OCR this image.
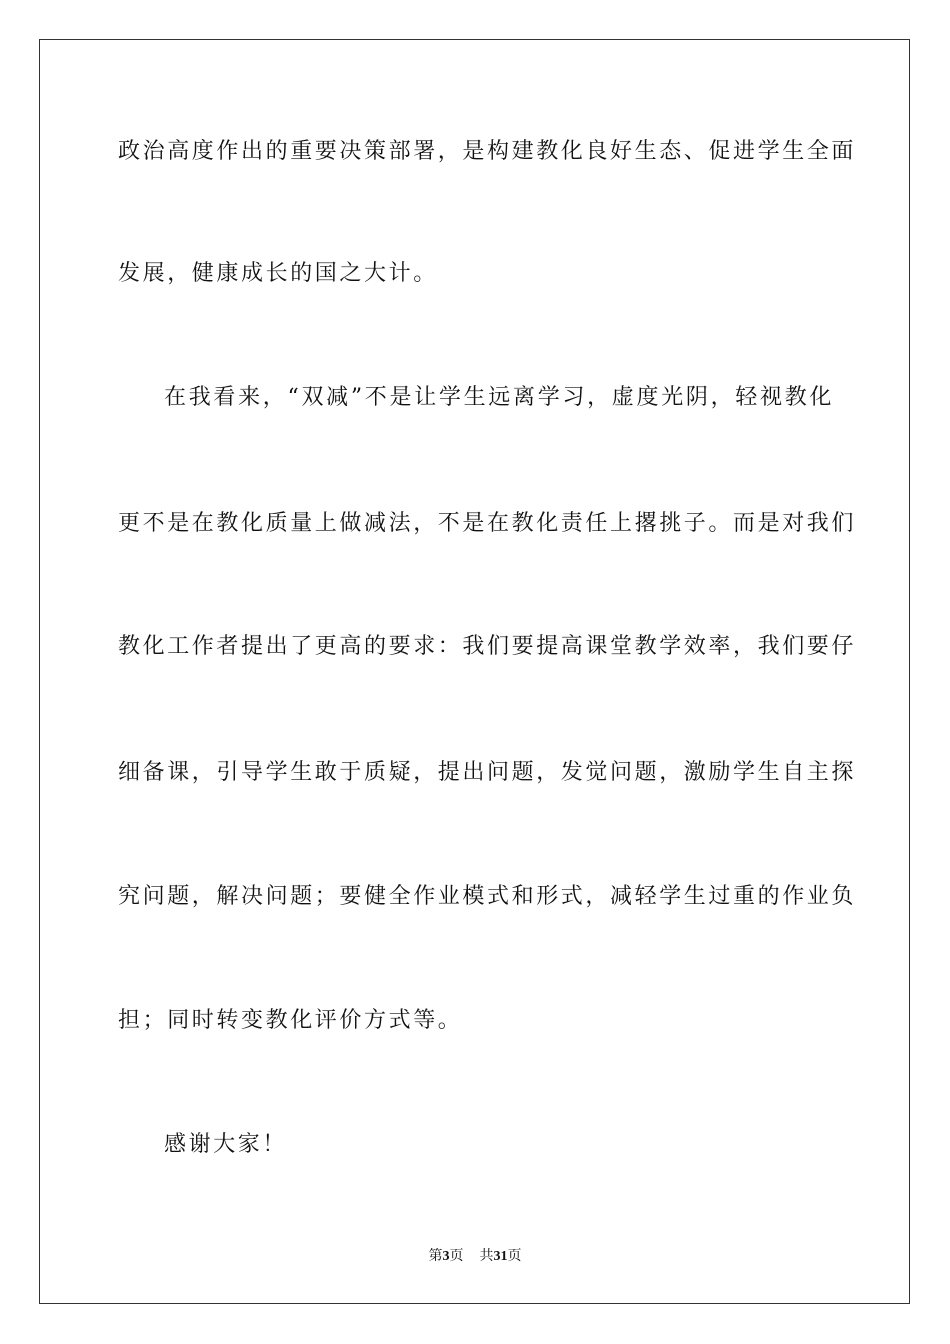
政治高度作出的重要决策部署，是构建教化良好生态、促进学生全面
发展，健康成长的国之大计。
在我看来，“双减”不是让学生远离学习，虚度光阴，轻视教化
更不是在教化质量上做减法，不是在教化责任上撂挑子。而是对我们
教化工作者提出了更高的要求：我们要提高课堂教学效率，我们要仔
细备课，引导学生敢于质疑，提出问题，发觉问题，激励学生自主探
究问题，解决问题；要健全作业模式和形式，减轻学生过重的作业负
担；同时转变教化评价方式等。
感谢大家！
第3页 共31页
